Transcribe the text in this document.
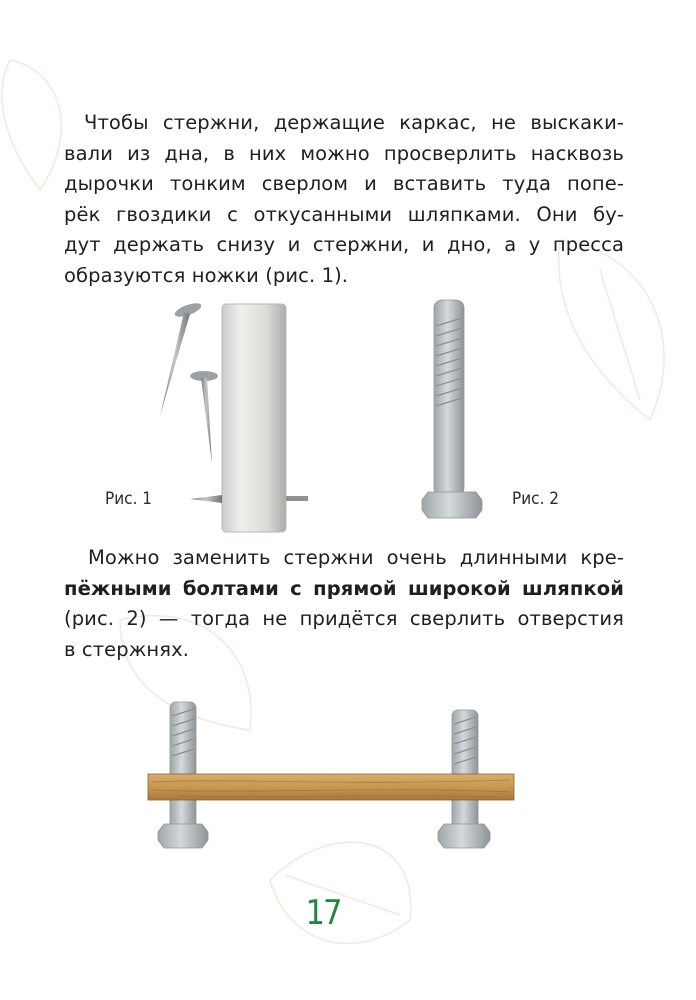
Чтобы стержни, держащие каркас, не выскаки-
вали из дна, в них можно просверлить насквозь
дырочки тонким сверлом и вставить туда попе-
рёк гвоздики с откусанными шляпками. Они бу-
дут держать снизу и стержни, и дно, а у пресса
образуются ножки (рис. 1).

Рис. 1	Рис. 2

Можно заменить стержни очень длинными кре-
пёжными болтами с прямой широкой шляпкой
(рис. 2) — тогда не придётся сверлить отверстия
в стержнях.

17
